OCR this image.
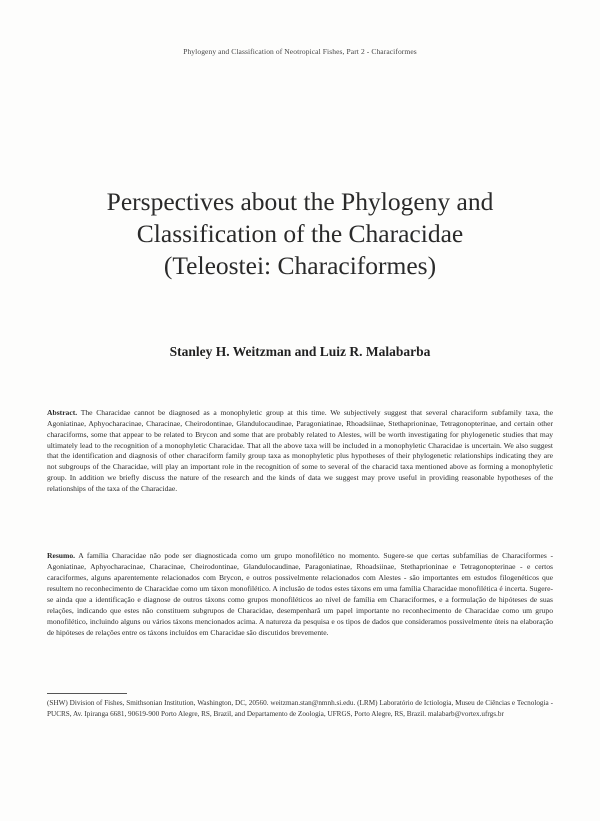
Phylogeny and Classification of Neotropical Fishes, Part 2 - Characiformes
Perspectives about the Phylogeny and
Classification of the Characidae
(Teleostei: Characiformes)
Stanley H. Weitzman and Luiz R. Malabarba

Abstract. The Characidae cannot be diagnosed as a monophyletic group at this time. We subjectively suggest that several characiform subfamily taxa, the Agoniatinae, Aphyocharacinae, Characinae, Cheirodontinae, Glandulocaudinae, Paragoniatinae, Rhoadsiinae, Stethaprioninae, Tetragonopterinae, and certain other characiforms, some that appear to be related to Brycon and some that are probably related to Alestes, will be worth investigating for phylogenetic studies that may ultimately lead to the recognition of a monophyletic Characidae. That all the above taxa will be included in a monophyletic Characidae is uncertain. We also suggest that the identification and diagnosis of other characiform family group taxa as monophyletic plus hypotheses of their phylogenetic relationships indicating they are not subgroups of the Characidae, will play an important role in the recognition of some to several of the characid taxa mentioned above as forming a monophyletic group. In addition we briefly discuss the nature of the research and the kinds of data we suggest may prove useful in providing reasonable hypotheses of the relationships of the taxa of the Characidae.

Resumo. A família Characidae não pode ser diagnosticada como um grupo monofilético no momento. Sugere-se que certas subfamílias de Characiformes - Agoniatinae, Aphyocharacinae, Characinae, Cheirodontinae, Glandulocaudinae, Paragoniatinae, Rhoadsiinae, Stethaprioninae e Tetragonopterinae - e certos caraciformes, alguns aparentemente relacionados com Brycon, e outros possivelmente relacionados com Alestes - são importantes em estudos filogenéticos que resultem no reconhecimento de Characidae como um táxon monofilético. A inclusão de todos estes táxons em uma família Characidae monofilética é incerta. Sugere-se ainda que a identificação e diagnose de outros táxons como grupos monofiléticos ao nível de família em Characiformes, e a formulação de hipóteses de suas relações, indicando que estes não constituem subgrupos de Characidae, desempenharã um papel importante no reconhecimento de Characidae como um grupo monofilético, incluindo alguns ou vários táxons mencionados acima. A natureza da pesquisa e os tipos de dados que consideramos possivelmente úteis na elaboração de hipóteses de relações entre os táxons incluídos em Characidae são discutidos brevemente.

(SHW) Division of Fishes, Smithsonian Institution, Washington, DC, 20560. weitzman.stan@nmnh.si.edu. (LRM) Laboratório de Ictiologia, Museu de Ciências e Tecnologia - PUCRS, Av. Ipiranga 6681, 90619-900 Porto Alegre, RS, Brazil, and Departamento de Zoologia, UFRGS, Porto Alegre, RS, Brazil. malabarb@vortex.ufrgs.br
